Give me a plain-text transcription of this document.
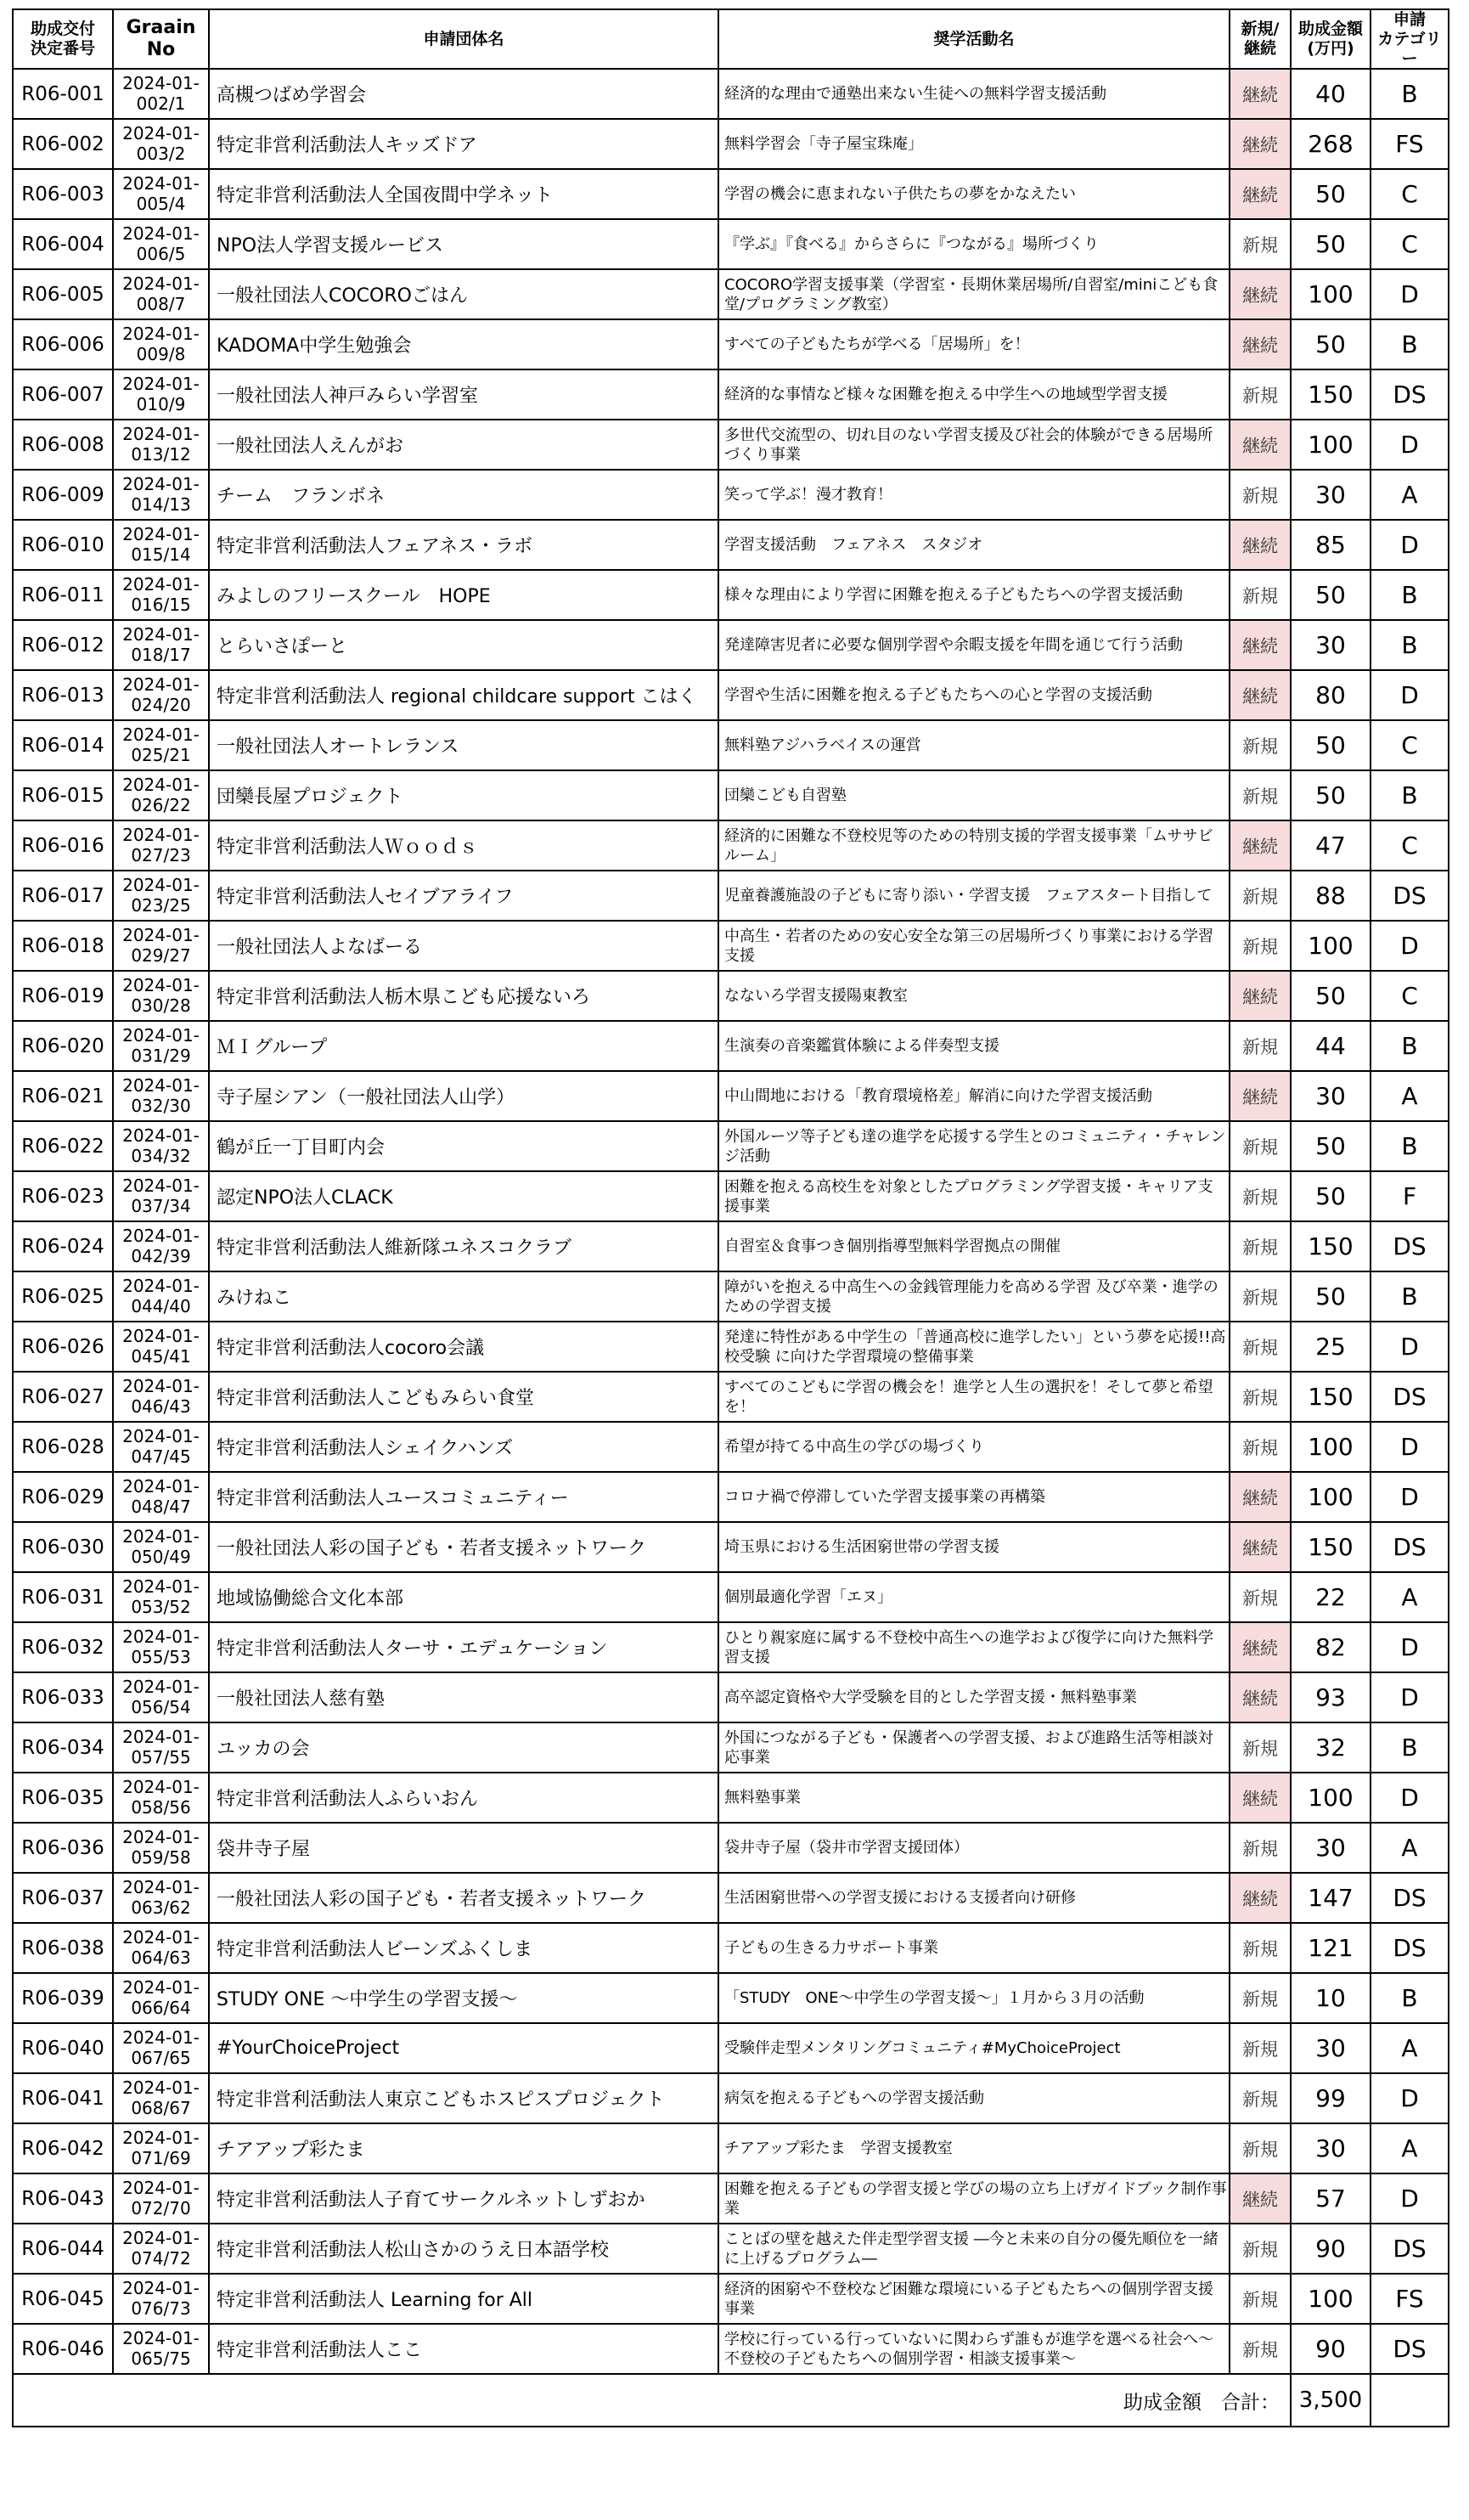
助成交付
決定番号	Graain
No	申請団体名	奨学活動名	新規/
継続	助成金額
(万円)	申請
カテゴリー
R06-001	2024-01-
002/1	高槻つばめ学習会	経済的な理由で通塾出来ない生徒への無料学習支援活動	継続	40	B
R06-002	2024-01-
003/2	特定非営利活動法人キッズドア	無料学習会「寺子屋宝珠庵」	継続	268	FS
R06-003	2024-01-
005/4	特定非営利活動法人全国夜間中学ネット	学習の機会に恵まれない子供たちの夢をかなえたい	継続	50	C
R06-004	2024-01-
006/5	NPO法人学習支援ルービス	『学ぶ』『食べる』からさらに『つながる』場所づくり	新規	50	C
R06-005	2024-01-
008/7	一般社団法人COCOROごはん	COCORO学習支援事業（学習室・長期休業居場所/自習室/miniこども食堂/プログラミング教室）	継続	100	D
R06-006	2024-01-
009/8	KADOMA中学生勉強会	すべての子どもたちが学べる「居場所」を！	継続	50	B
R06-007	2024-01-
010/9	一般社団法人神戸みらい学習室	経済的な事情など様々な困難を抱える中学生への地域型学習支援	新規	150	DS
R06-008	2024-01-
013/12	一般社団法人えんがお	多世代交流型の、切れ目のない学習支援及び社会的体験ができる居場所づくり事業	継続	100	D
R06-009	2024-01-
014/13	チーム　フランボネ	笑って学ぶ！漫才教育！	新規	30	A
R06-010	2024-01-
015/14	特定非営利活動法人フェアネス・ラボ	学習支援活動　フェアネス　スタジオ	継続	85	D
R06-011	2024-01-
016/15	みよしのフリースクール　HOPE	様々な理由により学習に困難を抱える子どもたちへの学習支援活動	新規	50	B
R06-012	2024-01-
018/17	とらいさぽーと	発達障害児者に必要な個別学習や余暇支援を年間を通じて行う活動	継続	30	B
R06-013	2024-01-
024/20	特定非営利活動法人 regional childcare support こはく	学習や生活に困難を抱える子どもたちへの心と学習の支援活動	継続	80	D
R06-014	2024-01-
025/21	一般社団法人オートレランス	無料塾アジハラベイスの運営	新規	50	C
R06-015	2024-01-
026/22	団欒長屋プロジェクト	団欒こども自習塾	新規	50	B
R06-016	2024-01-
027/23	特定非営利活動法人Ｗｏｏｄｓ	経済的に困難な不登校児等のための特別支援的学習支援事業「ムササビルーム」	継続	47	C
R06-017	2024-01-
023/25	特定非営利活動法人セイブアライフ	児童養護施設の子どもに寄り添い・学習支援　フェアスタート目指して	新規	88	DS
R06-018	2024-01-
029/27	一般社団法人よなばーる	中高生・若者のための安心安全な第三の居場所づくり事業における学習支援	新規	100	D
R06-019	2024-01-
030/28	特定非営利活動法人栃木県こども応援ないろ	なないろ学習支援陽東教室	継続	50	C
R06-020	2024-01-
031/29	ＭＩグループ	生演奏の音楽鑑賞体験による伴奏型支援	新規	44	B
R06-021	2024-01-
032/30	寺子屋シアン（一般社団法人山学）	中山間地における「教育環境格差」解消に向けた学習支援活動	継続	30	A
R06-022	2024-01-
034/32	鶴が丘一丁目町内会	外国ルーツ等子ども達の進学を応援する学生とのコミュニティ・チャレンジ活動	新規	50	B
R06-023	2024-01-
037/34	認定NPO法人CLACK	困難を抱える高校生を対象としたプログラミング学習支援・キャリア支援事業	新規	50	F
R06-024	2024-01-
042/39	特定非営利活動法人維新隊ユネスコクラブ	自習室＆食事つき個別指導型無料学習拠点の開催	新規	150	DS
R06-025	2024-01-
044/40	みけねこ	障がいを抱える中高生への金銭管理能力を高める学習 及び卒業・進学のための学習支援	新規	50	B
R06-026	2024-01-
045/41	特定非営利活動法人cocoro会議	発達に特性がある中学生の「普通高校に進学したい」という夢を応援!!高校受験 に向けた学習環境の整備事業	新規	25	D
R06-027	2024-01-
046/43	特定非営利活動法人こどもみらい食堂	すべてのこどもに学習の機会を！進学と人生の選択を！そして夢と希望を！	新規	150	DS
R06-028	2024-01-
047/45	特定非営利活動法人シェイクハンズ	希望が持てる中高生の学びの場づくり	新規	100	D
R06-029	2024-01-
048/47	特定非営利活動法人ユースコミュニティー	コロナ禍で停滞していた学習支援事業の再構築	継続	100	D
R06-030	2024-01-
050/49	一般社団法人彩の国子ども・若者支援ネットワーク	埼玉県における生活困窮世帯の学習支援	継続	150	DS
R06-031	2024-01-
053/52	地域協働総合文化本部	個別最適化学習「エヌ」	新規	22	A
R06-032	2024-01-
055/53	特定非営利活動法人ターサ・エデュケーション	ひとり親家庭に属する不登校中高生への進学および復学に向けた無料学習支援	継続	82	D
R06-033	2024-01-
056/54	一般社団法人慈有塾	高卒認定資格や大学受験を目的とした学習支援・無料塾事業	継続	93	D
R06-034	2024-01-
057/55	ユッカの会	外国につながる子ども・保護者への学習支援、および進路生活等相談対応事業	新規	32	B
R06-035	2024-01-
058/56	特定非営利活動法人ふらいおん	無料塾事業	継続	100	D
R06-036	2024-01-
059/58	袋井寺子屋	袋井寺子屋（袋井市学習支援団体）	新規	30	A
R06-037	2024-01-
063/62	一般社団法人彩の国子ども・若者支援ネットワーク	生活困窮世帯への学習支援における支援者向け研修	継続	147	DS
R06-038	2024-01-
064/63	特定非営利活動法人ビーンズふくしま	子どもの生きる力サポート事業	新規	121	DS
R06-039	2024-01-
066/64	STUDY ONE ～中学生の学習支援～	「STUDY　ONE～中学生の学習支援～」１月から３月の活動	新規	10	B
R06-040	2024-01-
067/65	#YourChoiceProject	受験伴走型メンタリングコミュニティ#MyChoiceProject	新規	30	A
R06-041	2024-01-
068/67	特定非営利活動法人東京こどもホスピスプロジェクト	病気を抱える子どもへの学習支援活動	新規	99	D
R06-042	2024-01-
071/69	チアアップ彩たま	チアアップ彩たま　学習支援教室	新規	30	A
R06-043	2024-01-
072/70	特定非営利活動法人子育てサークルネットしずおか	困難を抱える子どもの学習支援と学びの場の立ち上げガイドブック制作事業	継続	57	D
R06-044	2024-01-
074/72	特定非営利活動法人松山さかのうえ日本語学校	ことばの壁を越えた伴走型学習支援 ―今と未来の自分の優先順位を一緒に上げるプログラム―	新規	90	DS
R06-045	2024-01-
076/73	特定非営利活動法人 Learning for All	経済的困窮や不登校など困難な環境にいる子どもたちへの個別学習支援事業	新規	100	FS
R06-046	2024-01-
065/75	特定非営利活動法人ここ	学校に行っている行っていないに関わらず誰もが進学を選べる社会へ～不登校の子どもたちへの個別学習・相談支援事業～	新規	90	DS
助成金額　合計：					3,500	
